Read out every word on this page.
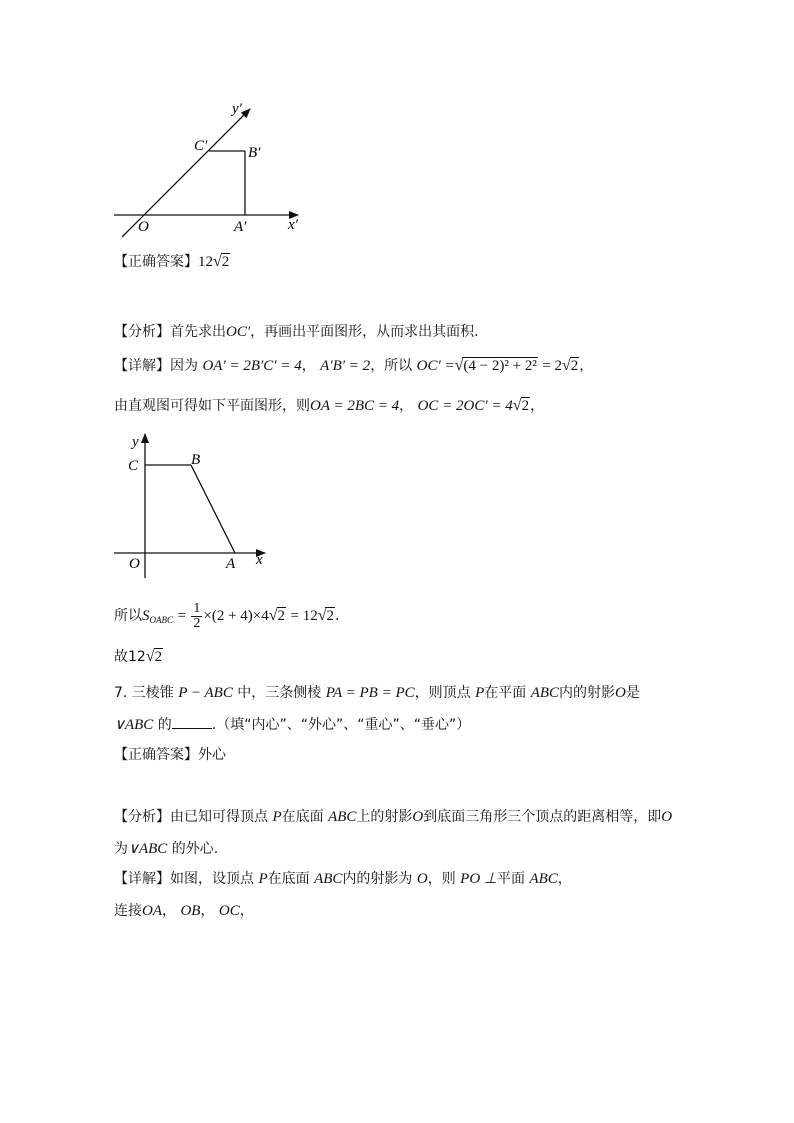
y′
C′	B′
O	A′	x′
【正确答案】12√2
【分析】首先求出OC′，再画出平面图形，从而求出其面积.
【详解】因为 OA′ = 2B′C′ = 4， A′B′ = 2，所以 OC′ =√(4 − 2)² + 2² = 2√2，
由直观图可得如下平面图形，则OA = 2BC = 4， OC = 2OC′ = 4√2，
y
C	B
O	A x
所以$S_{OABC} = \frac{1}{2} \times(2 + 4)\times 4√2 = 12√2$.
故12√2
7. 三棱锥 P − ABC 中，三条侧棱 PA = PB = PC，则顶点 P在平面 ABC内的射影O是
∨ABC 的	.（填“内心”、“外心”、“重心”、“垂心”）
【正确答案】外心
【分析】由已知可得顶点 P在底面 ABC上的射影O到底面三角形三个顶点的距离相等，即O
为∨ABC 的外心.
【详解】如图，设顶点 P在底面 ABC内的射影为 O，则 PO ⊥平面 ABC，
连接OA， OB， OC，
